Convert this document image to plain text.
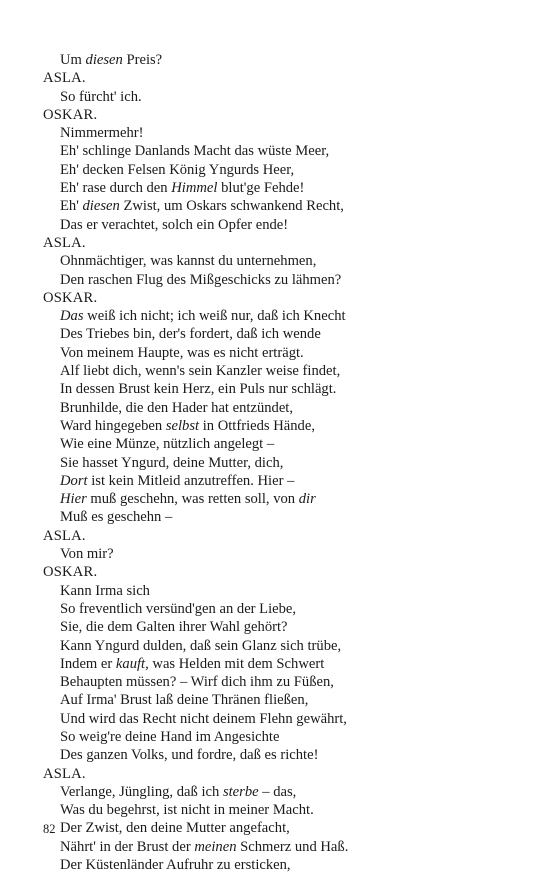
Um diesen Preis?
ASLA.
So fürcht' ich.
OSKAR.
Nimmermehr!
Eh' schlinge Danlands Macht das wüste Meer,
Eh' decken Felsen König Yngurds Heer,
Eh' rase durch den Himmel blut'ge Fehde!
Eh' diesen Zwist, um Oskars schwankend Recht,
Das er verachtet, solch ein Opfer ende!
ASLA.
Ohnmächtiger, was kannst du unternehmen,
Den raschen Flug des Mißgeschicks zu lähmen?
OSKAR.
Das weiß ich nicht; ich weiß nur, daß ich Knecht
Des Triebes bin, der's fordert, daß ich wende
Von meinem Haupte, was es nicht erträgt.
Alf liebt dich, wenn's sein Kanzler weise findet,
In dessen Brust kein Herz, ein Puls nur schlägt.
Brunhilde, die den Hader hat entzündet,
Ward hingegeben selbst in Ottfrieds Hände,
Wie eine Münze, nützlich angelegt –
Sie hasset Yngurd, deine Mutter, dich,
Dort ist kein Mitleid anzutreffen. Hier –
Hier muß geschehn, was retten soll, von dir
Muß es geschehn –
ASLA.
Von mir?
OSKAR.
Kann Irma sich
So freventlich versünd'gen an der Liebe,
Sie, die dem Galten ihrer Wahl gehört?
Kann Yngurd dulden, daß sein Glanz sich trübe,
Indem er kauft, was Helden mit dem Schwert
Behaupten müssen? – Wirf dich ihm zu Füßen,
Auf Irma' Brust laß deine Thränen fließen,
Und wird das Recht nicht deinem Flehn gewährt,
So weig're deine Hand im Angesichte
Des ganzen Volks, und fordre, daß es richte!
ASLA.
Verlange, Jüngling, daß ich sterbe – das,
Was du begehrst, ist nicht in meiner Macht.
Der Zwist, den deine Mutter angefacht,
Nährt' in der Brust der meinen Schmerz und Haß.
Der Küstenländer Aufruhr zu ersticken,
82
